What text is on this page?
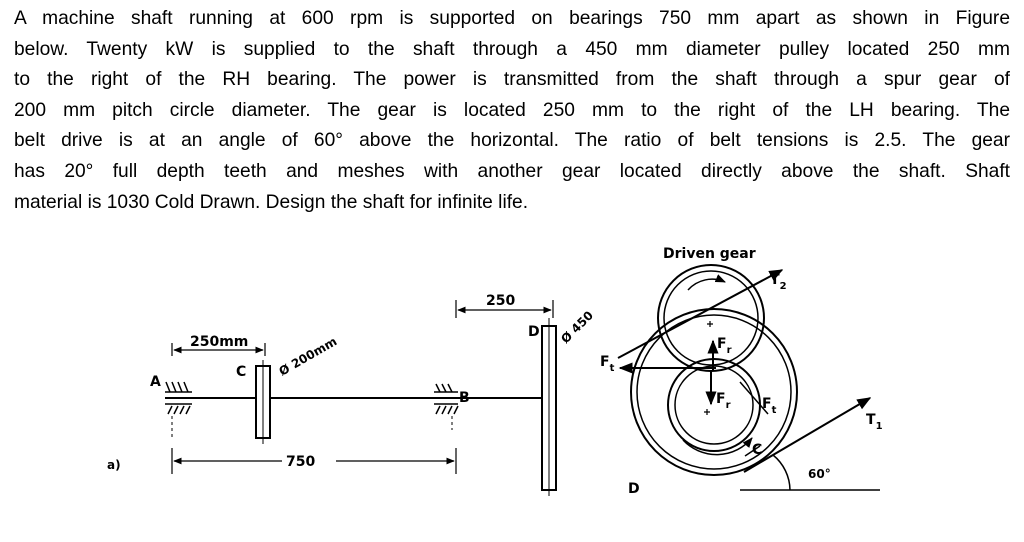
A machine shaft running at 600 rpm is supported on bearings 750 mm apart as shown in Figure
below. Twenty kW is supplied to the shaft through a 450 mm diameter pulley located 250 mm
to the right of the RH bearing. The power is transmitted from the shaft through a spur gear of
200 mm pitch circle diameter. The gear is located 250 mm to the right of the LH bearing. The
belt drive is at an angle of 60° above the horizontal. The ratio of belt tensions is 2.5. The gear
has 20° full depth teeth and meshes with another gear located directly above the shaft. Shaft
material is 1030 Cold Drawn. Design the shaft for infinite life.

a)
A
250mm
C	Ø 200mm
B
750
250
D Ø 450
Driven gear
$T_2$
$T_1$
$F_t$
$F_r$
$F_r$ $F_t$
C
D
60°
